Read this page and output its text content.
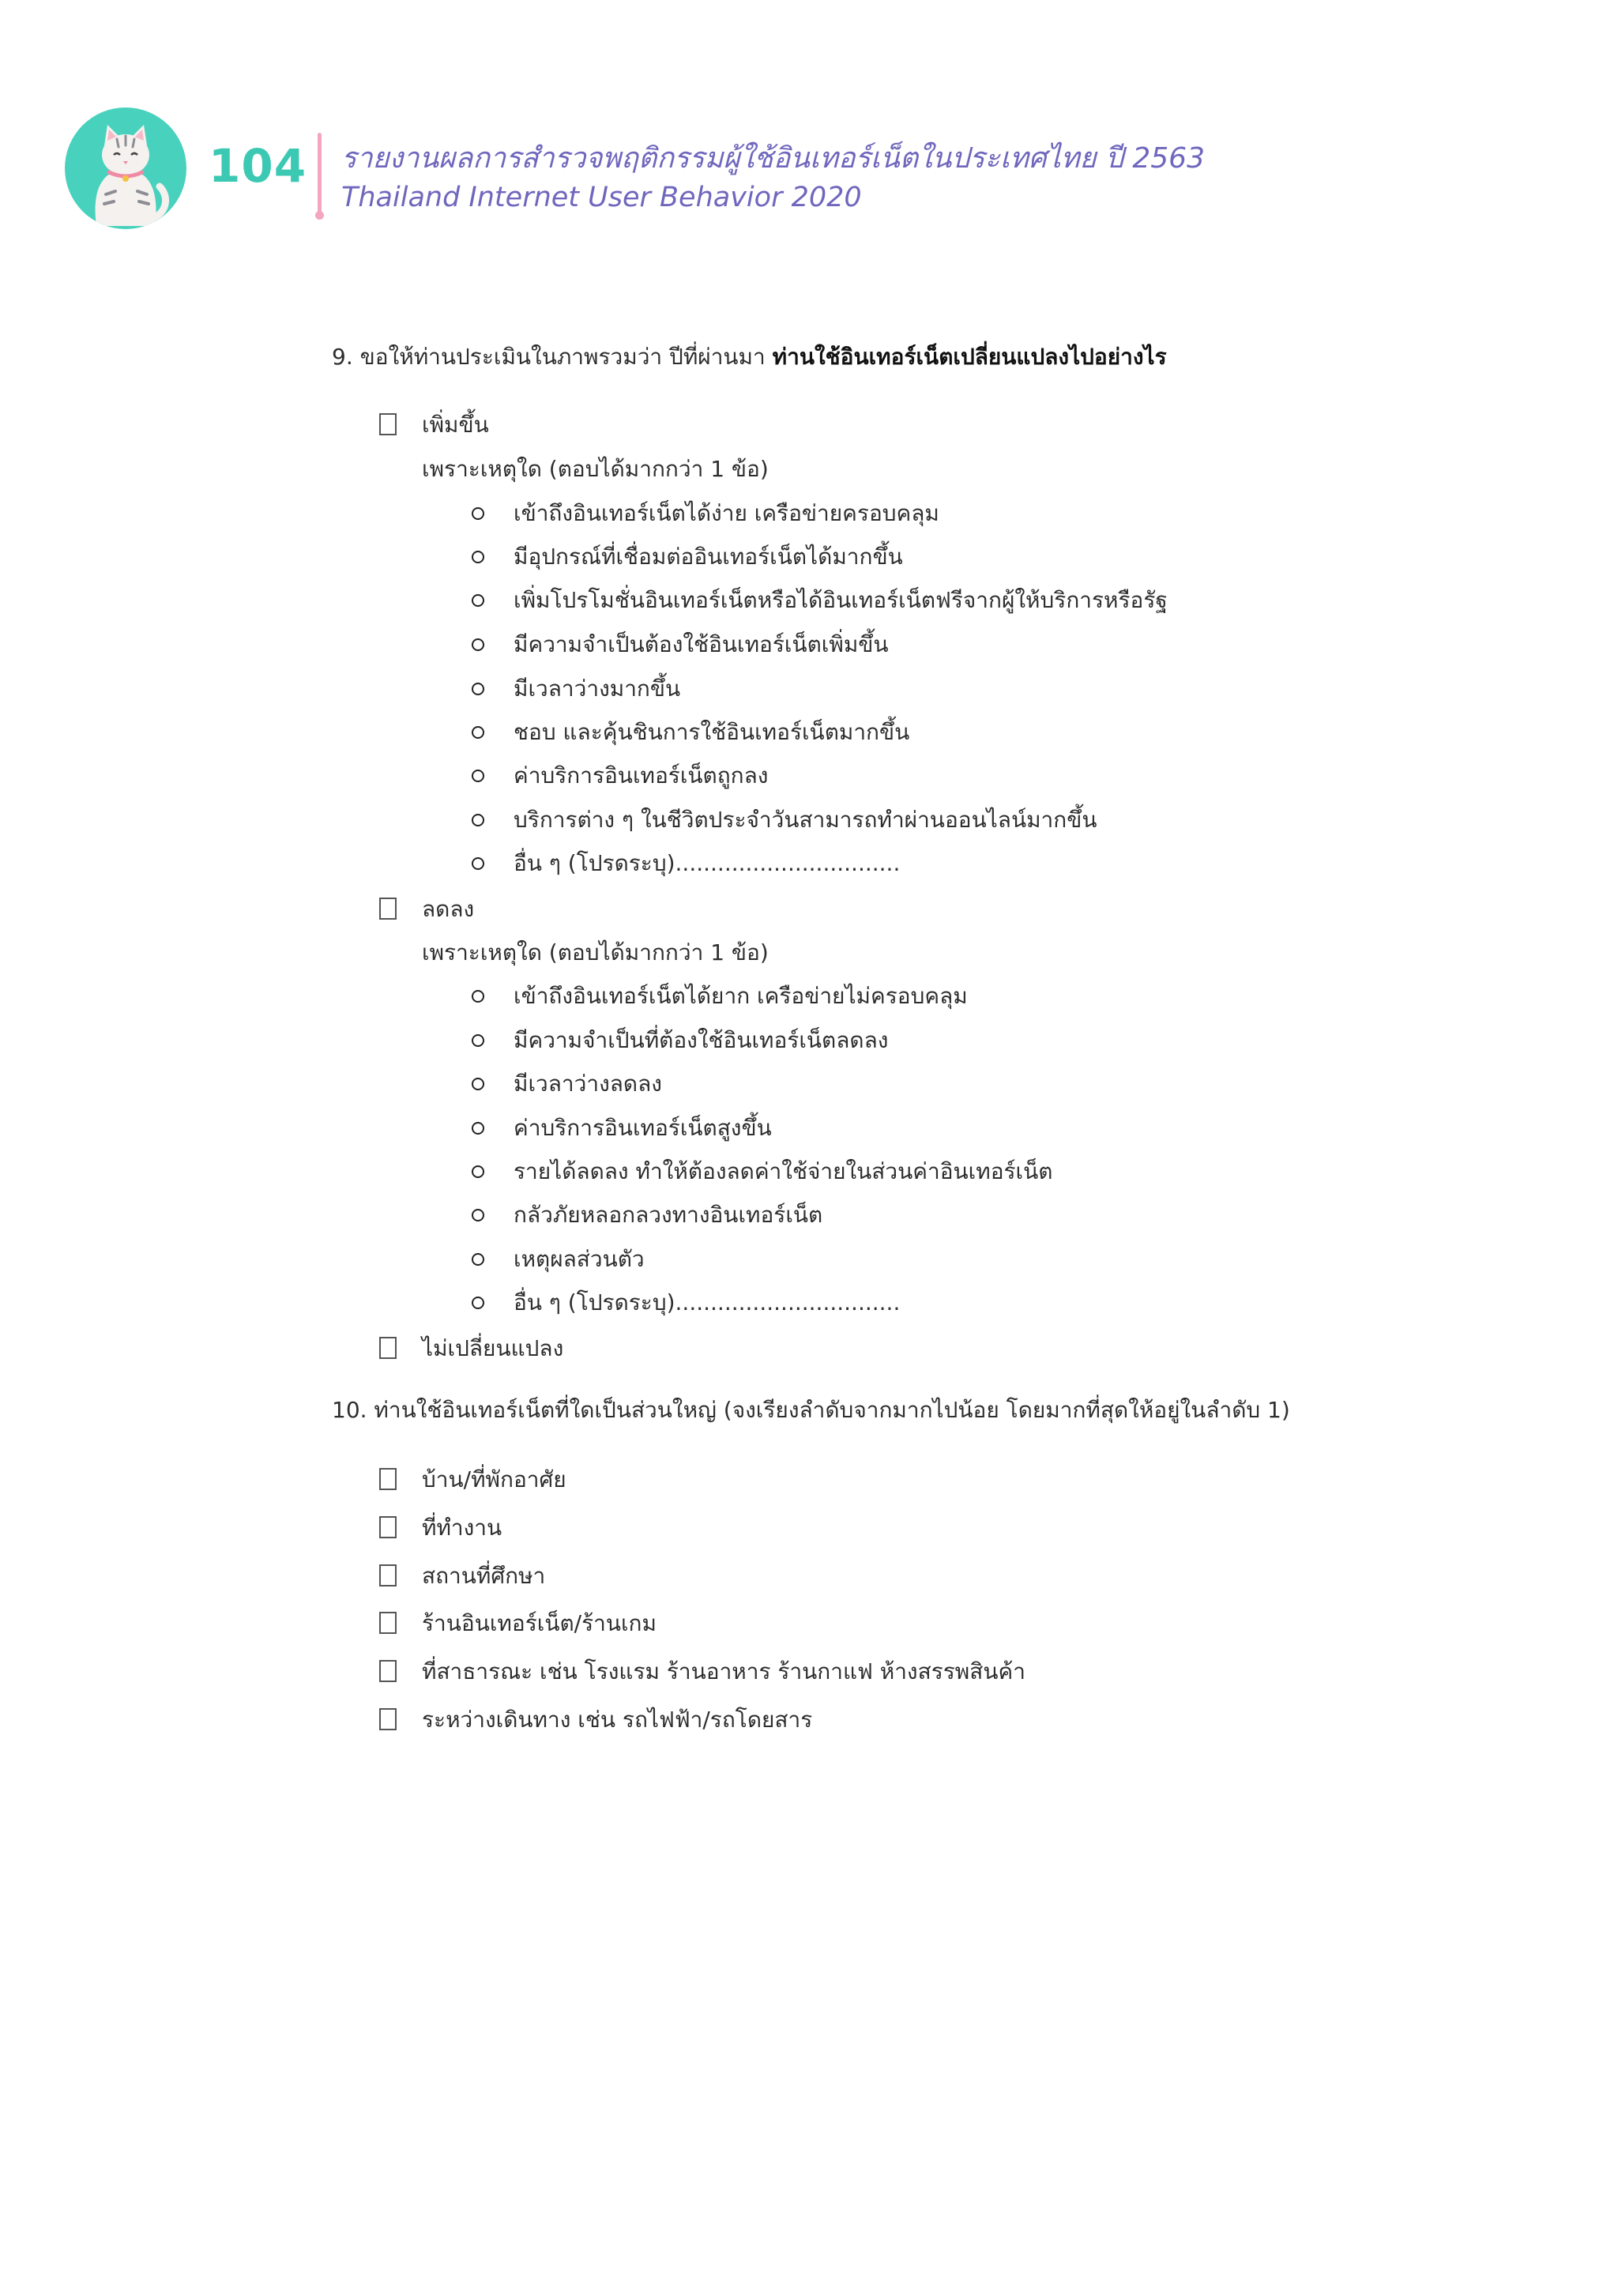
104 รายงานผลการสำรวจพฤติกรรมผู้ใช้อินเทอร์เน็ตในประเทศไทย ปี 2563
Thailand Internet User Behavior 2020
9. ขอให้ท่านประเมินในภาพรวมว่า ปีที่ผ่านมา ท่านใช้อินเทอร์เน็ตเปลี่ยนแปลงไปอย่างไร
เพิ่มขึ้น
เพราะเหตุใด (ตอบได้มากกว่า 1 ข้อ)
เข้าถึงอินเทอร์เน็ตได้ง่าย เครือข่ายครอบคลุม
มีอุปกรณ์ที่เชื่อมต่ออินเทอร์เน็ตได้มากขึ้น
เพิ่มโปรโมชั่นอินเทอร์เน็ตหรือได้อินเทอร์เน็ตฟรีจากผู้ให้บริการหรือรัฐ
มีความจำเป็นต้องใช้อินเทอร์เน็ตเพิ่มขึ้น
มีเวลาว่างมากขึ้น
ชอบ และคุ้นชินการใช้อินเทอร์เน็ตมากขึ้น
ค่าบริการอินเทอร์เน็ตถูกลง
บริการต่าง ๆ ในชีวิตประจำวันสามารถทำผ่านออนไลน์มากขึ้น
อื่น ๆ (โปรดระบุ)................................
ลดลง
เพราะเหตุใด (ตอบได้มากกว่า 1 ข้อ)
เข้าถึงอินเทอร์เน็ตได้ยาก เครือข่ายไม่ครอบคลุม
มีความจำเป็นที่ต้องใช้อินเทอร์เน็ตลดลง
มีเวลาว่างลดลง
ค่าบริการอินเทอร์เน็ตสูงขึ้น
รายได้ลดลง ทำให้ต้องลดค่าใช้จ่ายในส่วนค่าอินเทอร์เน็ต
กลัวภัยหลอกลวงทางอินเทอร์เน็ต
เหตุผลส่วนตัว
อื่น ๆ (โปรดระบุ)................................
ไม่เปลี่ยนแปลง
10. ท่านใช้อินเทอร์เน็ตที่ใดเป็นส่วนใหญ่ (จงเรียงลำดับจากมากไปน้อย โดยมากที่สุดให้อยู่ในลำดับ 1)
บ้าน/ที่พักอาศัย
ที่ทำงาน
สถานที่ศึกษา
ร้านอินเทอร์เน็ต/ร้านเกม
ที่สาธารณะ เช่น โรงแรม ร้านอาหาร ร้านกาแฟ ห้างสรรพสินค้า
ระหว่างเดินทาง เช่น รถไฟฟ้า/รถโดยสาร
